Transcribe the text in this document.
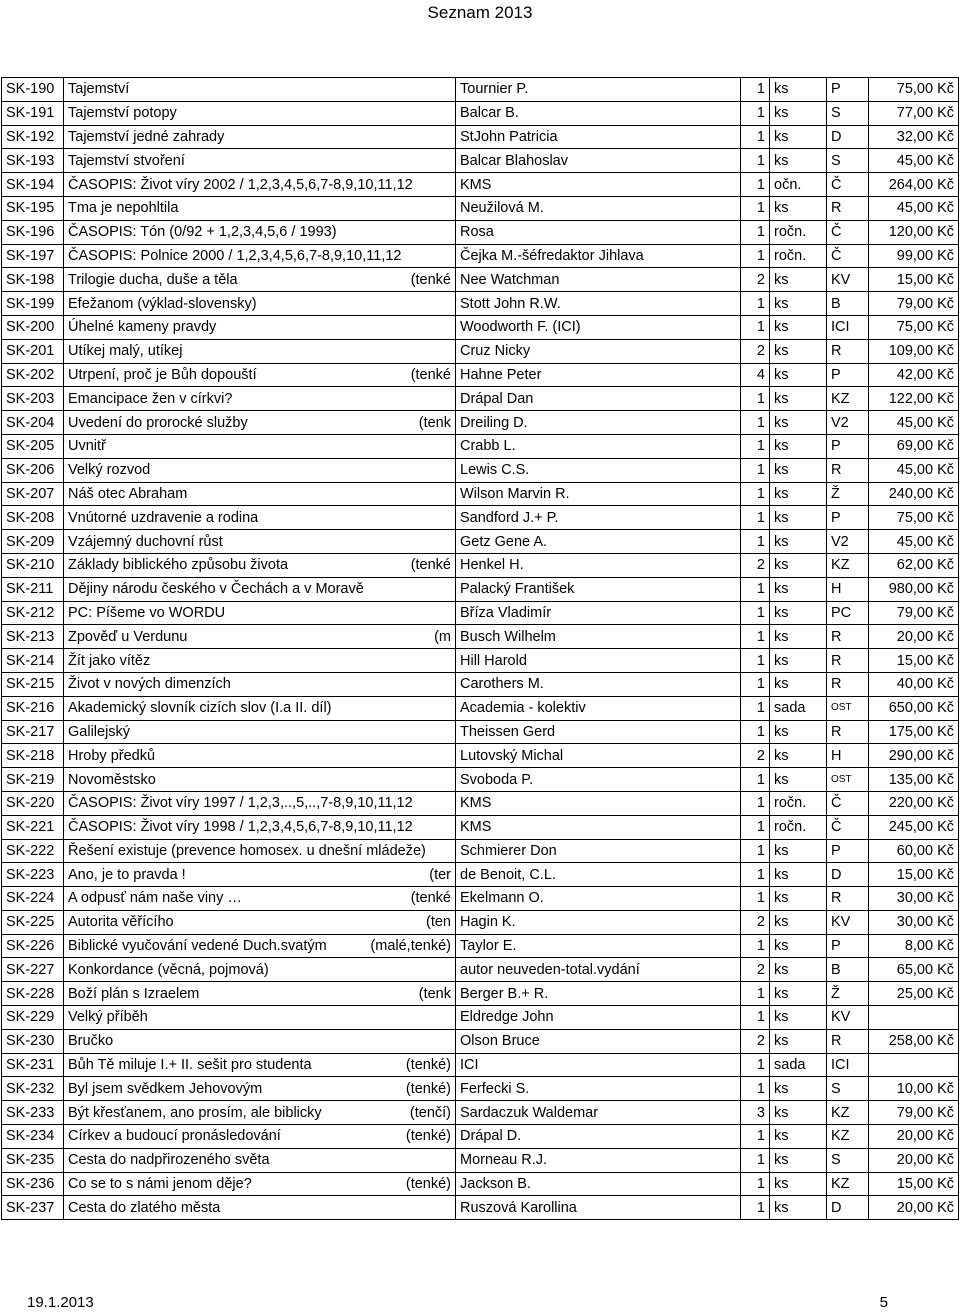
Seznam 2013
SK-190	Tajemství	Tournier P.	1	ks	P	75,00 Kč
SK-191	Tajemství potopy	Balcar B.	1	ks	S	77,00 Kč
SK-192	Tajemství jedné zahrady	StJohn Patricia	1	ks	D	32,00 Kč
SK-193	Tajemství stvoření	Balcar Blahoslav	1	ks	S	45,00 Kč
SK-194	ČASOPIS: Život víry 2002 / 1,2,3,4,5,6,7-8,9,10,11,12	KMS	1	očn.	Č	264,00 Kč
SK-195	Tma je nepohltila	Neužilová M.	1	ks	R	45,00 Kč
SK-196	ČASOPIS: Tón (0/92 + 1,2,3,4,5,6 / 1993)	Rosa	1	ročn.	Č	120,00 Kč
SK-197	ČASOPIS: Polnice 2000 / 1,2,3,4,5,6,7-8,9,10,11,12	Čejka M.-šéfredaktor Jihlava	1	ročn.	Č	99,00 Kč
SK-198	Trilogie ducha, duše a těla (tenké	Nee Watchman	2	ks	KV	15,00 Kč
SK-199	Efežanom (výklad-slovensky)	Stott John R.W.	1	ks	B	79,00 Kč
SK-200	Úhelné kameny pravdy	Woodworth F. (ICI)	1	ks	ICI	75,00 Kč
SK-201	Utíkej malý, utíkej	Cruz Nicky	2	ks	R	109,00 Kč
SK-202	Utrpení, proč je Bůh dopouští (tenké	Hahne Peter	4	ks	P	42,00 Kč
SK-203	Emancipace žen v církvi?	Drápal Dan	1	ks	KZ	122,00 Kč
SK-204	Uvedení do prorocké služby (tenk	Dreiling D.	1	ks	V2	45,00 Kč
SK-205	Uvnitř	Crabb L.	1	ks	P	69,00 Kč
SK-206	Velký rozvod	Lewis C.S.	1	ks	R	45,00 Kč
SK-207	Náš otec Abraham	Wilson Marvin R.	1	ks	Ž	240,00 Kč
SK-208	Vnútorné uzdravenie a rodina	Sandford J.+ P.	1	ks	P	75,00 Kč
SK-209	Vzájemný duchovní růst	Getz Gene A.	1	ks	V2	45,00 Kč
SK-210	Základy biblického způsobu života (tenké	Henkel H.	2	ks	KZ	62,00 Kč
SK-211	Dějiny národu českého v Čechách a v Moravě	Palacký František	1	ks	H	980,00 Kč
SK-212	PC: Píšeme vo WORDU	Bříza Vladimír	1	ks	PC	79,00 Kč
SK-213	Zpověď u Verdunu (m	Busch Wilhelm	1	ks	R	20,00 Kč
SK-214	Žít jako vítěz	Hill Harold	1	ks	R	15,00 Kč
SK-215	Život v nových dimenzích	Carothers M.	1	ks	R	40,00 Kč
SK-216	Akademický slovník cizích slov (I.a II. díl)	Academia - kolektiv	1	sada	OST	650,00 Kč
SK-217	Galilejský	Theissen Gerd	1	ks	R	175,00 Kč
SK-218	Hroby předků	Lutovský Michal	2	ks	H	290,00 Kč
SK-219	Novoměstsko	Svoboda P.	1	ks	OST	135,00 Kč
SK-220	ČASOPIS: Život víry 1997 / 1,2,3,..,5,..,7-8,9,10,11,12	KMS	1	ročn.	Č	220,00 Kč
SK-221	ČASOPIS: Život víry 1998 / 1,2,3,4,5,6,7-8,9,10,11,12	KMS	1	ročn.	Č	245,00 Kč
SK-222	Řešení existuje (prevence homosex. u dnešní mládeže)	Schmierer Don	1	ks	P	60,00 Kč
SK-223	Ano, je to pravda ! (ter	de Benoit, C.L.	1	ks	D	15,00 Kč
SK-224	A odpusť nám naše viny … (tenké	Ekelmann O.	1	ks	R	30,00 Kč
SK-225	Autorita věřícího (ten	Hagin K.	2	ks	KV	30,00 Kč
SK-226	Biblické vyučování vedené Duch.svatým (malé,tenké)	Taylor E.	1	ks	P	8,00 Kč
SK-227	Konkordance (věcná, pojmová)	autor neuveden-total.vydání	2	ks	B	65,00 Kč
SK-228	Boží plán s Izraelem (tenk	Berger B.+ R.	1	ks	Ž	25,00 Kč
SK-229	Velký příběh	Eldredge John	1	ks	KV	
SK-230	Bručko	Olson Bruce	2	ks	R	258,00 Kč
SK-231	Bůh Tě miluje I.+ II. sešit pro studenta (tenké)	ICI	1	sada	ICI	
SK-232	Byl jsem svědkem Jehovovým (tenké)	Ferfecki S.	1	ks	S	10,00 Kč
SK-233	Být křesťanem, ano prosím, ale biblicky (tenčí)	Sardaczuk Waldemar	3	ks	KZ	79,00 Kč
SK-234	Církev a budoucí pronásledování (tenké)	Drápal D.	1	ks	KZ	20,00 Kč
SK-235	Cesta do nadpřirozeného světa	Morneau R.J.	1	ks	S	20,00 Kč
SK-236	Co se to s námi jenom děje? (tenké)	Jackson B.	1	ks	KZ	15,00 Kč
SK-237	Cesta do zlatého města	Ruszová Karollina	1	ks	D	20,00 Kč
19.1.2013	5
